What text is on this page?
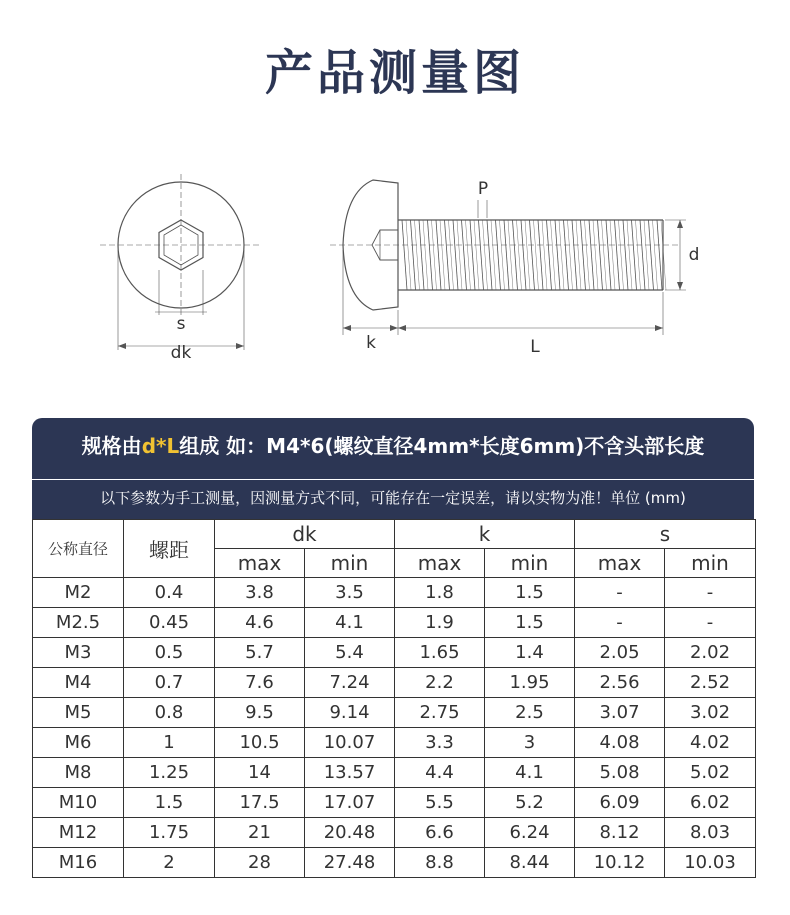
产品测量图
s
dk
P
d
k	L
规格由d*L组成 如：M4*6(螺纹直径4mm*长度6mm)不含头部长度
以下参数为手工测量，因测量方式不同，可能存在一定误差，请以实物为准！单位 (mm)
公称直径	螺距	dk		k		s	
		max	min	max	min	max	min
M2	0.4	3.8	3.5	1.8	1.5	-	-
M2.5	0.45	4.6	4.1	1.9	1.5	-	-
M3	0.5	5.7	5.4	1.65	1.4	2.05	2.02
M4	0.7	7.6	7.24	2.2	1.95	2.56	2.52
M5	0.8	9.5	9.14	2.75	2.5	3.07	3.02
M6	1	10.5	10.07	3.3	3	4.08	4.02
M8	1.25	14	13.57	4.4	4.1	5.08	5.02
M10	1.5	17.5	17.07	5.5	5.2	6.09	6.02
M12	1.75	21	20.48	6.6	6.24	8.12	8.03
M16	2	28	27.48	8.8	8.44	10.12	10.03
